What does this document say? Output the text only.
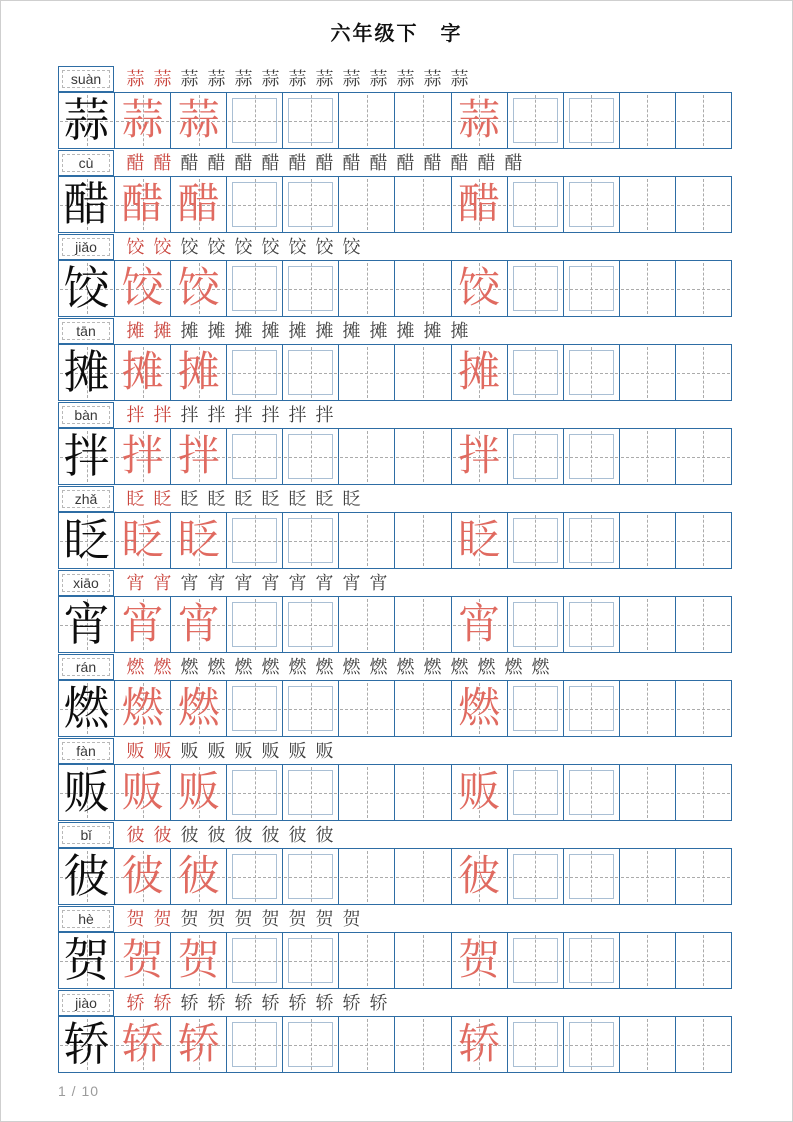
六年级下　字
suàn 蒜 蒜 蒜 蒜 蒜 蒜 蒜 蒜 蒜 蒜 蒜 蒜 蒜
蒜 蒜 蒜	蒜
cù 醋 醋 醋 醋 醋 醋 醋 醋 醋 醋 醋 醋 醋 醋 醋
醋 醋 醋	醋
jiǎo 饺 饺 饺 饺 饺 饺 饺 饺 饺
饺 饺 饺	饺
tān 摊 摊 摊 摊 摊 摊 摊 摊 摊 摊 摊 摊 摊
摊 摊 摊	摊
bàn 拌 拌 拌 拌 拌 拌 拌 拌
拌 拌 拌	拌
zhǎ 眨 眨 眨 眨 眨 眨 眨 眨 眨
眨 眨 眨	眨
xiāo 宵 宵 宵 宵 宵 宵 宵 宵 宵 宵
宵 宵 宵	宵
rán 燃 燃 燃 燃 燃 燃 燃 燃 燃 燃 燃 燃 燃 燃 燃 燃
燃 燃 燃	燃
fàn 贩 贩 贩 贩 贩 贩 贩 贩
贩 贩 贩	贩
bǐ 彼 彼 彼 彼 彼 彼 彼 彼
彼 彼 彼	彼
hè 贺 贺 贺 贺 贺 贺 贺 贺 贺
贺 贺 贺	贺
jiào 轿 轿 轿 轿 轿 轿 轿 轿 轿 轿
轿 轿 轿	轿
1 / 10
